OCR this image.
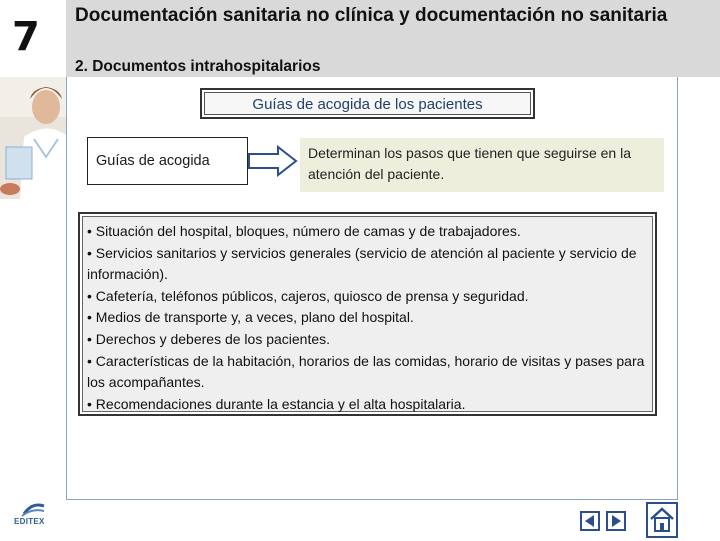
7 Documentación sanitaria no clínica y documentación no sanitaria
2. Documentos intrahospitalarios
Guías de acogida de los pacientes
Guías de acogida	Determinan los pasos que tienen que seguirse en la atención del paciente.
• Situación del hospital, bloques, número de camas y de trabajadores.
• Servicios sanitarios y servicios generales (servicio de atención al paciente y servicio de información).
• Cafetería, teléfonos públicos, cajeros, quiosco de prensa y seguridad.
• Medios de transporte y, a veces, plano del hospital.
• Derechos y deberes de los pacientes.
• Características de la habitación, horarios de las comidas, horario de visitas y pases para los acompañantes.
• Recomendaciones durante la estancia y el alta hospitalaria.
EDITEX
